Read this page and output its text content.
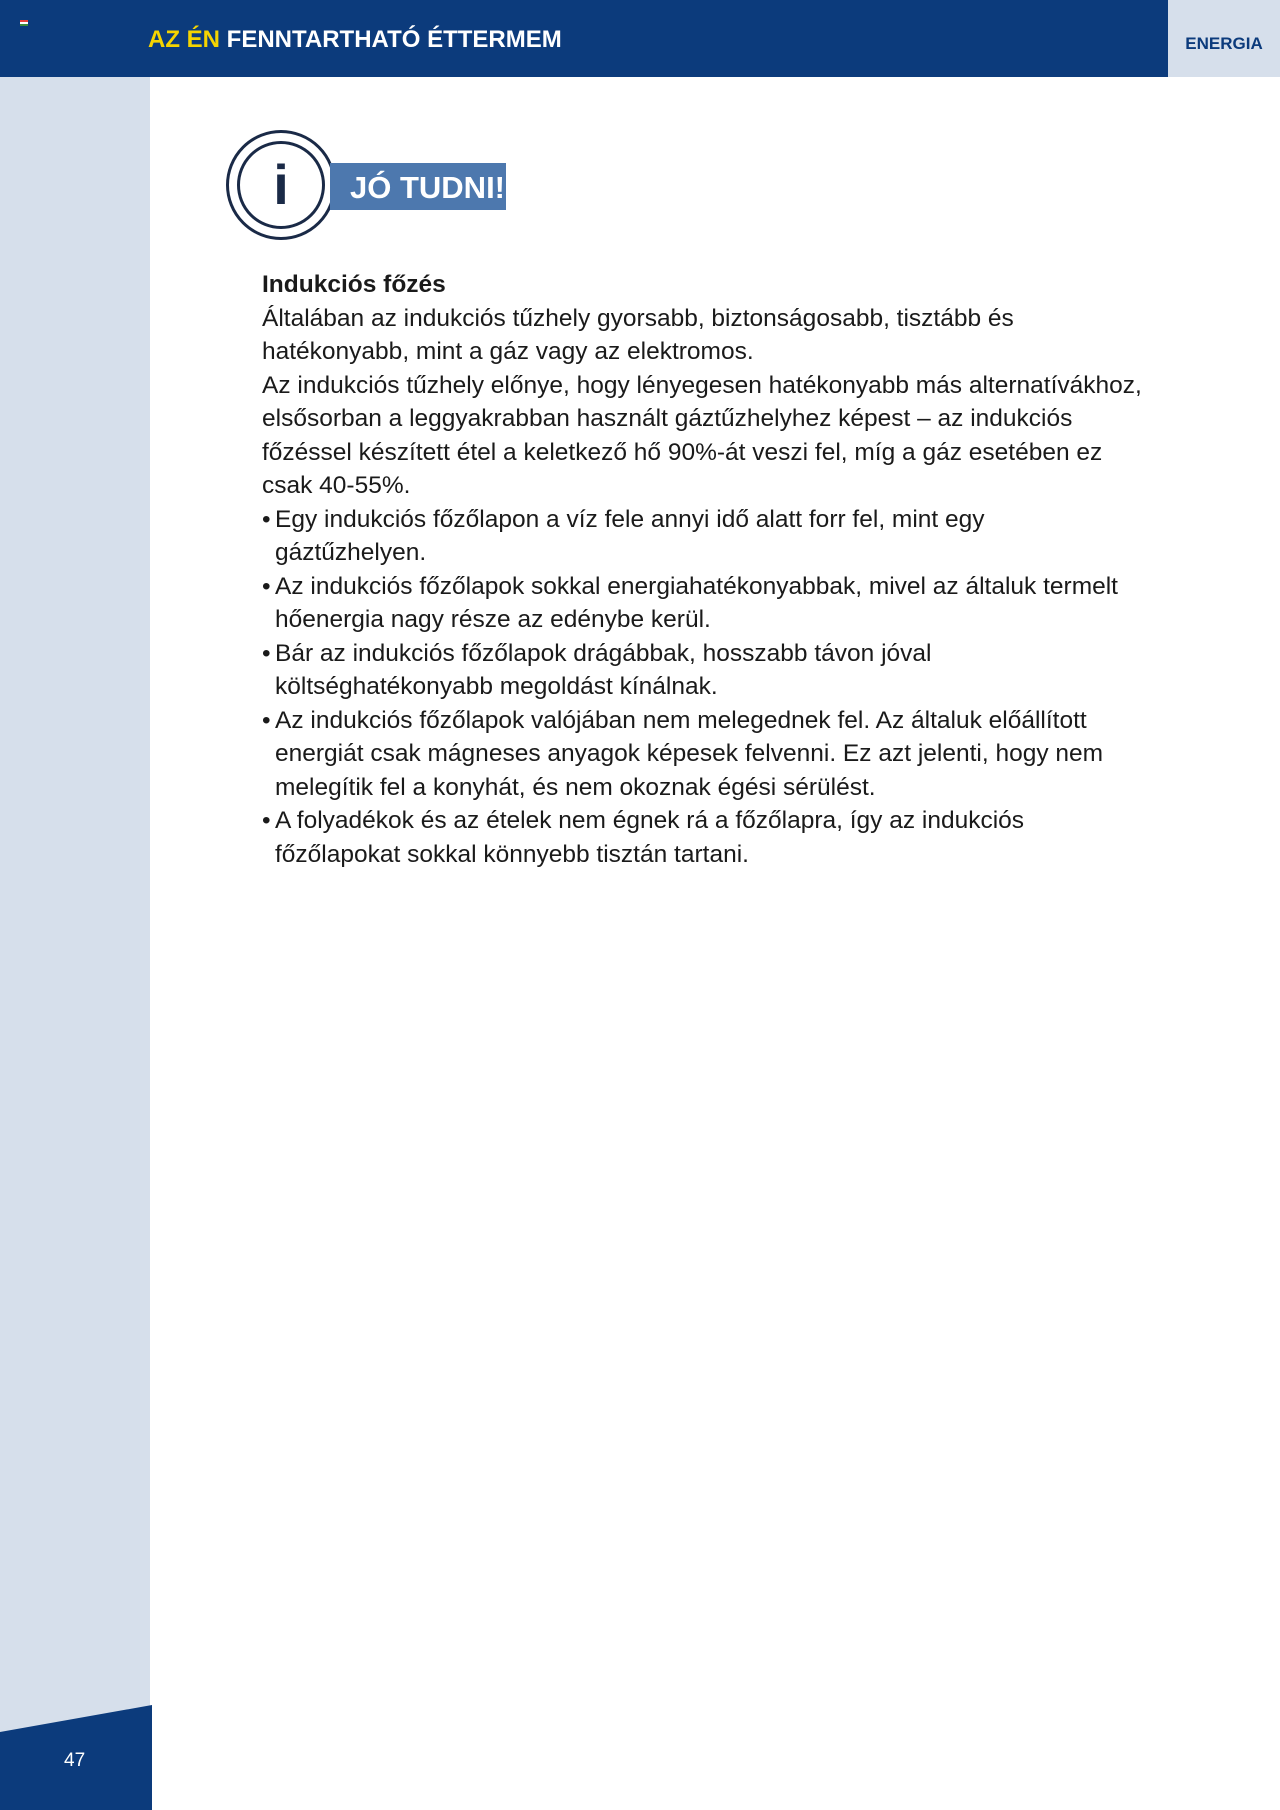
AZ ÉN FENNTARTHATÓ ÉTTERMEM	ENERGIA
i JÓ TUDNI!
Indukciós főzés

Általában az indukciós tűzhely gyorsabb, biztonságosabb, tisztább és hatékonyabb, mint a gáz vagy az elektromos.

Az indukciós tűzhely előnye, hogy lényegesen hatékonyabb más alternatívákhoz, elsősorban a leggyakrabban használt gáztűzhelyhez képest – az indukciós főzéssel készített étel a keletkező hő 90%-át veszi fel, míg a gáz esetében ez csak 40-55%.

• Egy indukciós főzőlapon a víz fele annyi idő alatt forr fel, mint egy gáztűzhelyen.
• Az indukciós főzőlapok sokkal energiahatékonyabbak, mivel az általuk termelt hőenergia nagy része az edénybe kerül.
• Bár az indukciós főzőlapok drágábbak, hosszabb távon jóval költséghatékonyabb megoldást kínálnak.
• Az indukciós főzőlapok valójában nem melegednek fel. Az általuk előállított energiát csak mágneses anyagok képesek felvenni. Ez azt jelenti, hogy nem melegítik fel a konyhát, és nem okoznak égési sérülést.
• A folyadékok és az ételek nem égnek rá a főzőlapra, így az indukciós főzőlapokat sokkal könnyebb tisztán tartani.
47
